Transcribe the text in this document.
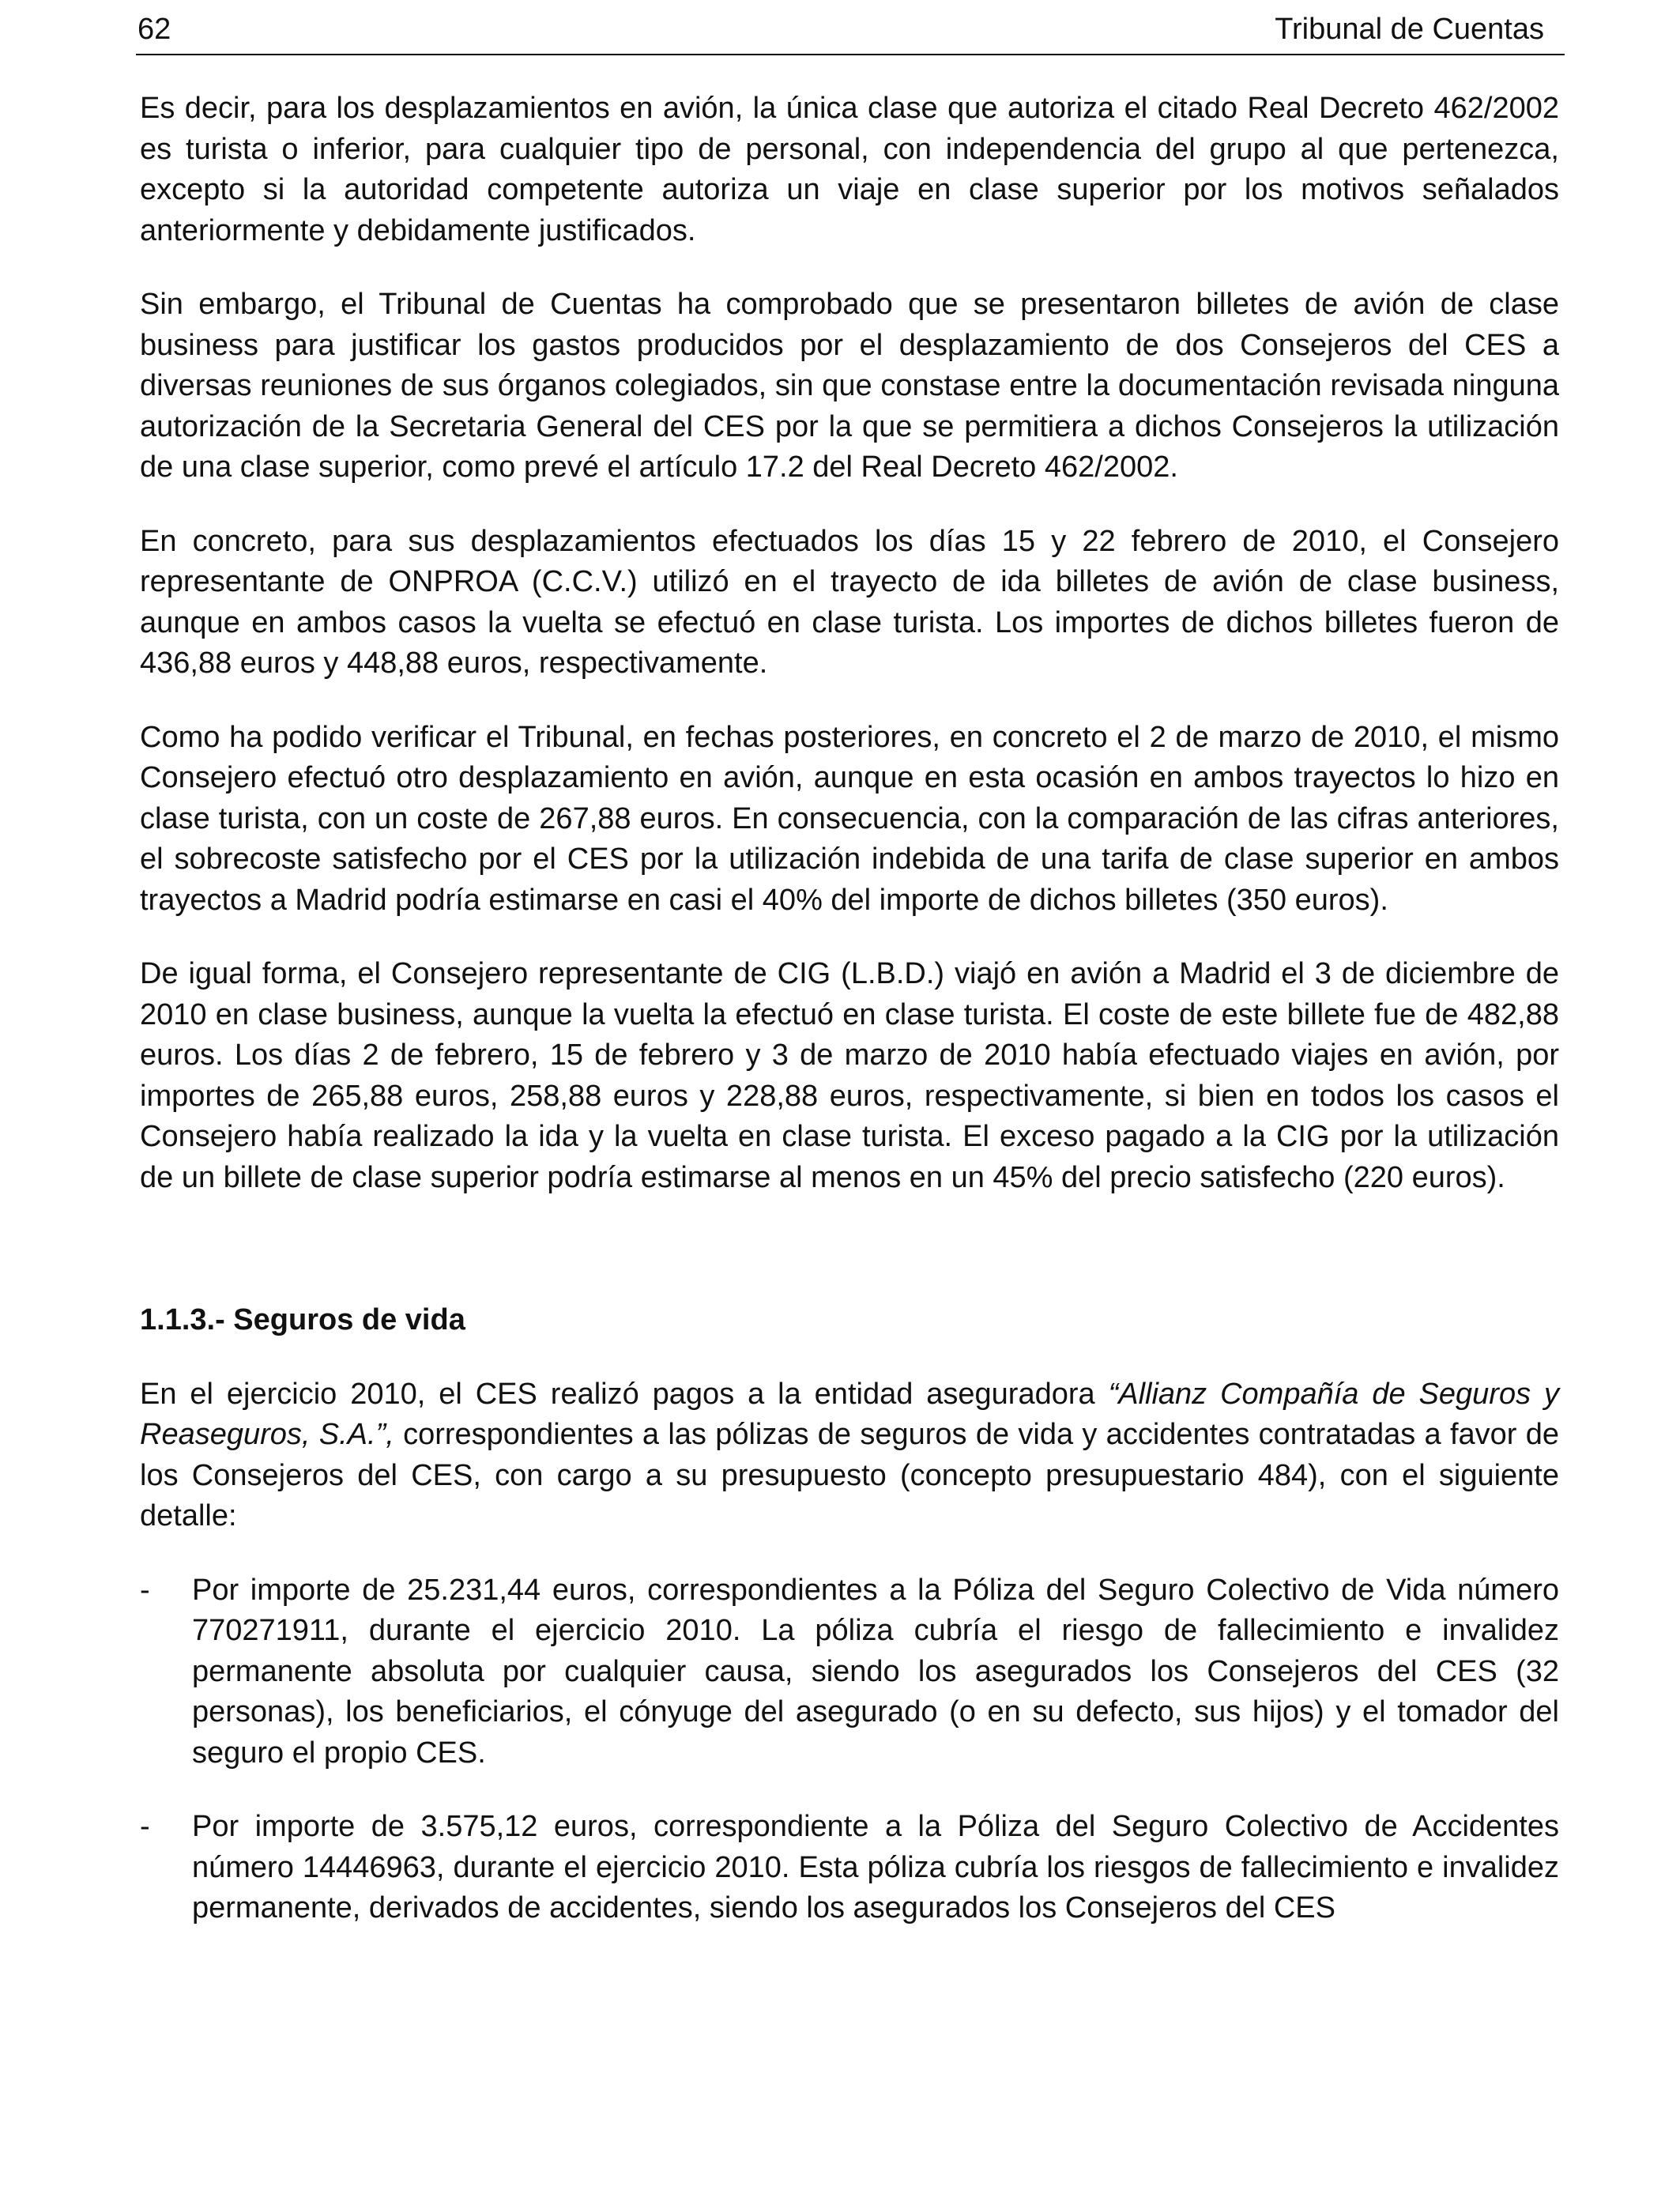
62	Tribunal de Cuentas

Es decir, para los desplazamientos en avión, la única clase que autoriza el citado Real Decreto 462/2002 es turista o inferior, para cualquier tipo de personal, con independencia del grupo al que pertenezca, excepto si la autoridad competente autoriza un viaje en clase superior por los motivos señalados anteriormente y debidamente justificados.

Sin embargo, el Tribunal de Cuentas ha comprobado que se presentaron billetes de avión de clase business para justificar los gastos producidos por el desplazamiento de dos Consejeros del CES a diversas reuniones de sus órganos colegiados, sin que constase entre la documentación revisada ninguna autorización de la Secretaria General del CES por la que se permitiera a dichos Consejeros la utilización de una clase superior, como prevé el artículo 17.2 del Real Decreto 462/2002.

En concreto, para sus desplazamientos efectuados los días 15 y 22 febrero de 2010, el Consejero representante de ONPROA (C.C.V.) utilizó en el trayecto de ida billetes de avión de clase business, aunque en ambos casos la vuelta se efectuó en clase turista. Los importes de dichos billetes fueron de 436,88 euros y 448,88 euros, respectivamente.

Como ha podido verificar el Tribunal, en fechas posteriores, en concreto el 2 de marzo de 2010, el mismo Consejero efectuó otro desplazamiento en avión, aunque en esta ocasión en ambos trayectos lo hizo en clase turista, con un coste de 267,88 euros. En consecuencia, con la comparación de las cifras anteriores, el sobrecoste satisfecho por el CES por la utilización indebida de una tarifa de clase superior en ambos trayectos a Madrid podría estimarse en casi el 40% del importe de dichos billetes (350 euros).

De igual forma, el Consejero representante de CIG (L.B.D.) viajó en avión a Madrid el 3 de diciembre de 2010 en clase business, aunque la vuelta la efectuó en clase turista. El coste de este billete fue de 482,88 euros. Los días 2 de febrero, 15 de febrero y 3 de marzo de 2010 había efectuado viajes en avión, por importes de 265,88 euros, 258,88 euros y 228,88 euros, respectivamente, si bien en todos los casos el Consejero había realizado la ida y la vuelta en clase turista. El exceso pagado a la CIG por la utilización de un billete de clase superior podría estimarse al menos en un 45% del precio satisfecho (220 euros).

1.1.3.- Seguros de vida

En el ejercicio 2010, el CES realizó pagos a la entidad aseguradora “Allianz Compañía de Seguros y Reaseguros, S.A.”, correspondientes a las pólizas de seguros de vida y accidentes contratadas a favor de los Consejeros del CES, con cargo a su presupuesto (concepto presupuestario 484), con el siguiente detalle:

- Por importe de 25.231,44 euros, correspondientes a la Póliza del Seguro Colectivo de Vida número 770271911, durante el ejercicio 2010. La póliza cubría el riesgo de fallecimiento e invalidez permanente absoluta por cualquier causa, siendo los asegurados los Consejeros del CES (32 personas), los beneficiarios, el cónyuge del asegurado (o en su defecto, sus hijos) y el tomador del seguro el propio CES.

- Por importe de 3.575,12 euros, correspondiente a la Póliza del Seguro Colectivo de Accidentes número 14446963, durante el ejercicio 2010. Esta póliza cubría los riesgos de fallecimiento e invalidez permanente, derivados de accidentes, siendo los asegurados los Consejeros del CES
